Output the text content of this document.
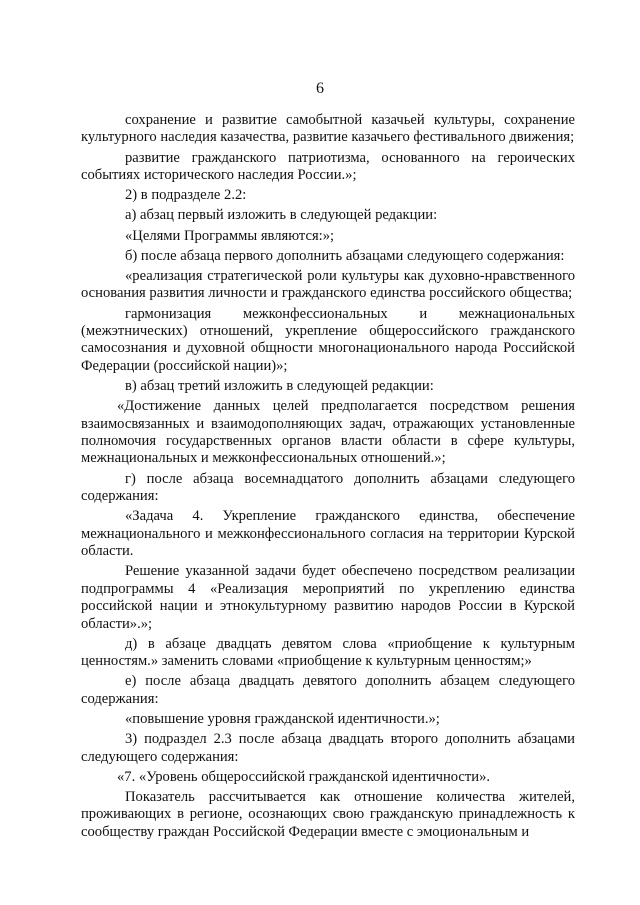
6

сохранение и развитие самобытной казачьей культуры, сохранение культурного наследия казачества, развитие казачьего фестивального движения;

развитие гражданского патриотизма, основанного на героических событиях исторического наследия России.»;

2) в подразделе 2.2:

а) абзац первый изложить в следующей редакции:

«Целями Программы являются:»;

б) после абзаца первого дополнить абзацами следующего содержания:

«реализация стратегической роли культуры как духовно-нравственного основания развития личности и гражданского единства российского общества;

гармонизация межконфессиональных и межнациональных (межэтнических) отношений, укрепление общероссийского гражданского самосознания и духовной общности многонационального народа Российской Федерации (российской нации)»;

в) абзац третий изложить в следующей редакции:

«Достижение данных целей предполагается посредством решения взаимосвязанных и взаимодополняющих задач, отражающих установленные полномочия государственных органов власти области в сфере культуры, межнациональных и межконфессиональных отношений.»;

г) после абзаца восемнадцатого дополнить абзацами следующего содержания:

«Задача 4. Укрепление гражданского единства, обеспечение межнационального и межконфессионального согласия на территории Курской области.

Решение указанной задачи будет обеспечено посредством реализации подпрограммы 4 «Реализация мероприятий по укреплению единства российской нации и этнокультурному развитию народов России в Курской области».»;

д) в абзаце двадцать девятом слова «приобщение к культурным ценностям.» заменить словами «приобщение к культурным ценностям;»

е) после абзаца двадцать девятого дополнить абзацем следующего содержания:

«повышение уровня гражданской идентичности.»;

3) подраздел 2.3 после абзаца двадцать второго дополнить абзацами следующего содержания:

«7. «Уровень общероссийской гражданской идентичности».

Показатель рассчитывается как отношение количества жителей, проживающих в регионе, осознающих свою гражданскую принадлежность к сообществу граждан Российской Федерации вместе с эмоциональным и
